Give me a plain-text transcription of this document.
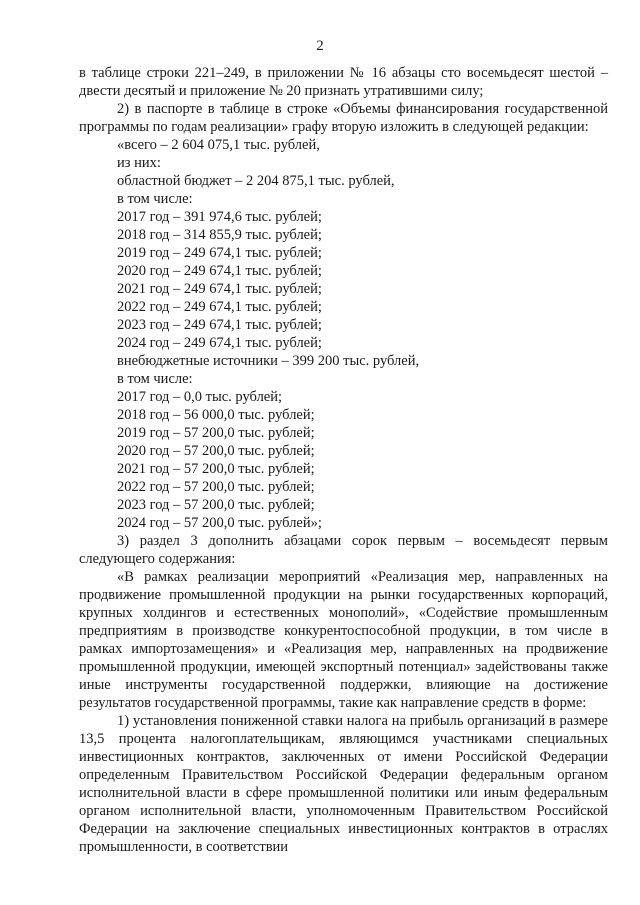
2

в таблице строки 221–249, в приложении № 16 абзацы сто восемьдесят шестой – двести десятый и приложение № 20 признать утратившими силу;

2) в паспорте в таблице в строке «Объемы финансирования государственной программы по годам реализации» графу вторую изложить в следующей редакции:

«всего – 2 604 075,1 тыс. рублей,
из них:
областной бюджет – 2 204 875,1 тыс. рублей,
в том числе:
2017 год – 391 974,6 тыс. рублей;
2018 год – 314 855,9 тыс. рублей;
2019 год – 249 674,1 тыс. рублей;
2020 год – 249 674,1 тыс. рублей;
2021 год – 249 674,1 тыс. рублей;
2022 год – 249 674,1 тыс. рублей;
2023 год – 249 674,1 тыс. рублей;
2024 год – 249 674,1 тыс. рублей;
внебюджетные источники – 399 200 тыс. рублей,
в том числе:
2017 год – 0,0 тыс. рублей;
2018 год – 56 000,0 тыс. рублей;
2019 год – 57 200,0 тыс. рублей;
2020 год – 57 200,0 тыс. рублей;
2021 год – 57 200,0 тыс. рублей;
2022 год – 57 200,0 тыс. рублей;
2023 год – 57 200,0 тыс. рублей;
2024 год – 57 200,0 тыс. рублей»;

3) раздел 3 дополнить абзацами сорок первым – восемьдесят первым следующего содержания:

«В рамках реализации мероприятий «Реализация мер, направленных на продвижение промышленной продукции на рынки государственных корпораций, крупных холдингов и естественных монополий», «Содействие промышленным предприятиям в производстве конкурентоспособной продукции, в том числе в рамках импортозамещения» и «Реализация мер, направленных на продвижение промышленной продукции, имеющей экспортный потенциал» задействованы также иные инструменты государственной поддержки, влияющие на достижение результатов государственной программы, такие как направление средств в форме:

1) установления пониженной ставки налога на прибыль организаций в размере 13,5 процента налогоплательщикам, являющимся участниками специальных инвестиционных контрактов, заключенных от имени Российской Федерации определенным Правительством Российской Федерации федеральным органом исполнительной власти в сфере промышленной политики или иным федеральным органом исполнительной власти, уполномоченным Правительством Российской Федерации на заключение специальных инвестиционных контрактов в отраслях промышленности, в соответствии
